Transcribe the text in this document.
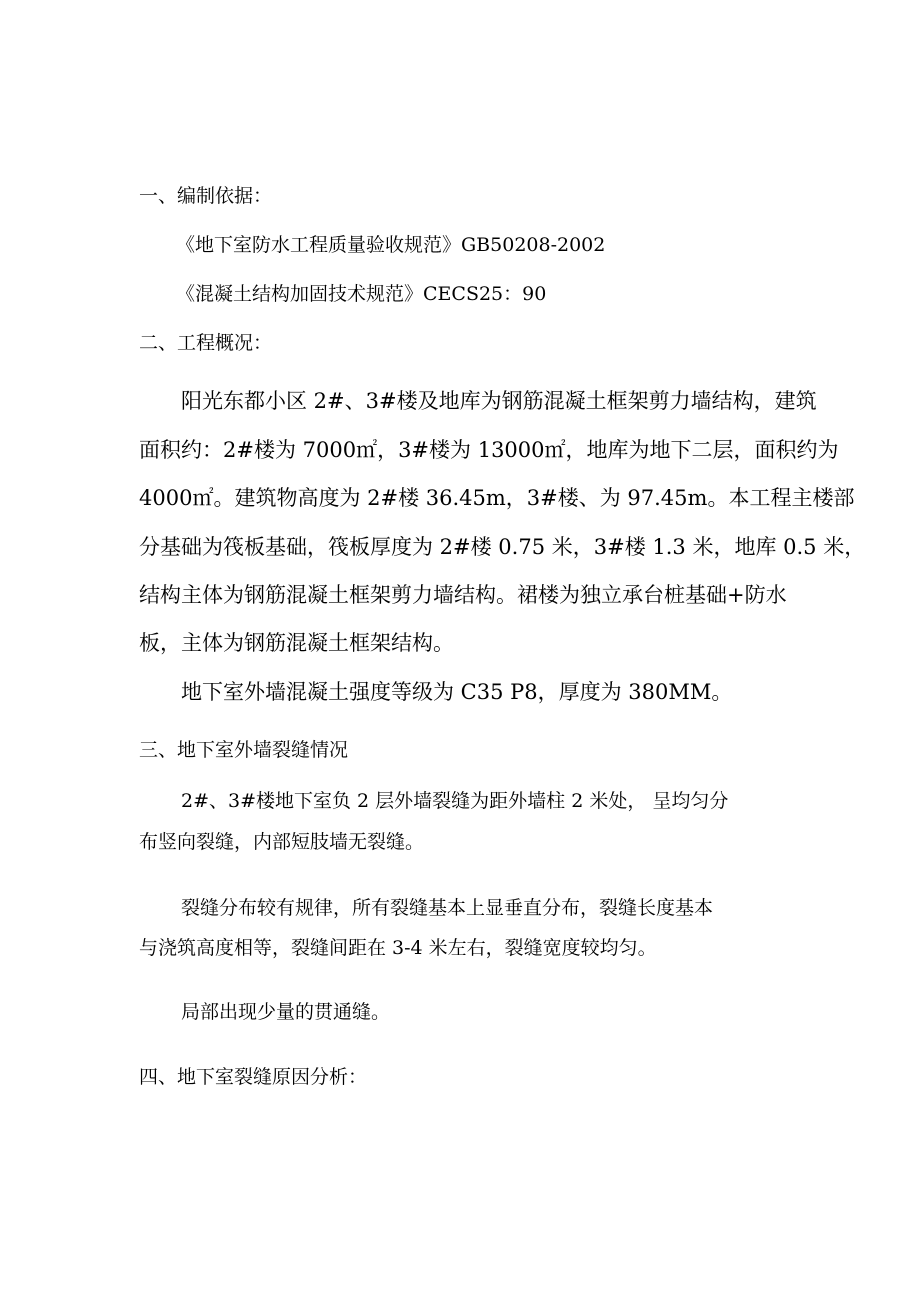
一、编制依据：

《地下室防水工程质量验收规范》GB50208-2002

《混凝土结构加固技术规范》CECS25：90

二、工程概况：

阳光东都小区 2#、3#楼及地库为钢筋混凝土框架剪力墙结构，建筑

面积约：2#楼为 7000㎡，3#楼为 13000㎡，地库为地下二层，面积约为

4000㎡。建筑物高度为 2#楼 36.45m，3#楼、为 97.45m。本工程主楼部

分基础为筏板基础，筏板厚度为 2#楼 0.75 米，3#楼 1.3 米，地库 0.5 米，

结构主体为钢筋混凝土框架剪力墙结构。裙楼为独立承台桩基础+防水

板，主体为钢筋混凝土框架结构。

地下室外墙混凝土强度等级为 C35 P8，厚度为 380MM。

三、地下室外墙裂缝情况

2#、3#楼地下室负 2 层外墙裂缝为距外墙柱 2 米处， 呈均匀分

布竖向裂缝，内部短肢墙无裂缝。

裂缝分布较有规律，所有裂缝基本上显垂直分布，裂缝长度基本

与浇筑高度相等，裂缝间距在 3-4 米左右，裂缝宽度较均匀。

局部出现少量的贯通缝。

四、地下室裂缝原因分析：
